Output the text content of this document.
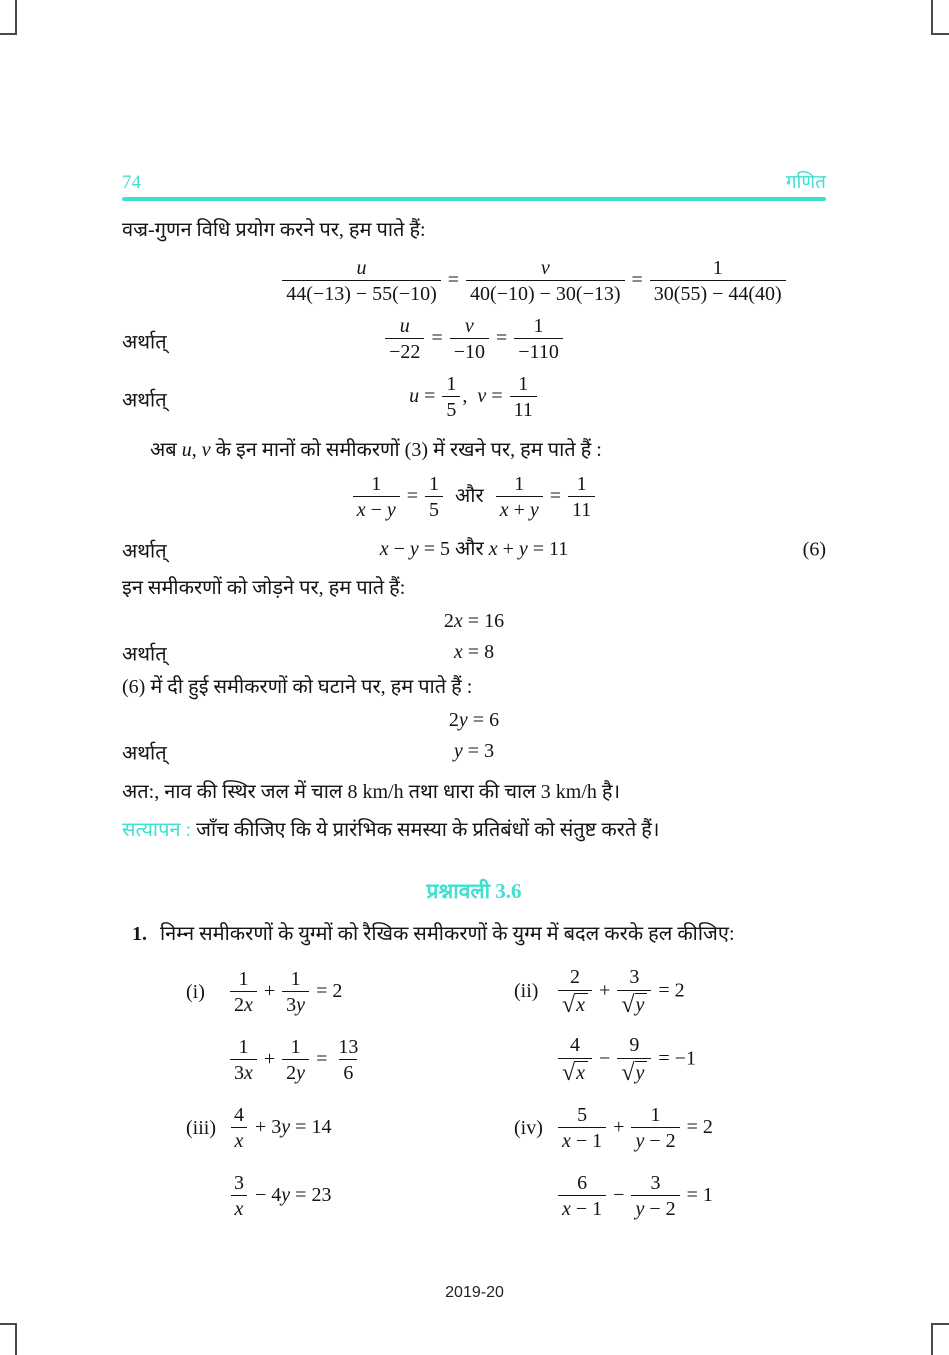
74	गणित

वज्र-गुणन विधि प्रयोग करने पर, हम पाते हैं:

$\frac{u}{44(-13) - 55(-10)} = \frac{v}{40(-10) - 30(-13)} = \frac{1}{30(55) - 44(40)}$
अर्थात्	$\frac{u}{-22} = \frac{v}{-10} = \frac{1}{-110}$
अर्थात्	$u = \frac{1}{5}$ ,  $v = \frac{1}{11}$

अब u, v के इन मानों को समीकरणों (3) में रखने पर, हम पाते हैं :

$\frac{1}{x - y} = \frac{1}{5}$ और $\frac{1}{x + y} = \frac{1}{11}$
अर्थात्	x − y = 5 और x + y = 11	(6)

इन समीकरणों को जोड़ने पर, हम पाते हैं:

2x = 16
अर्थात्	x = 8

(6) में दी हुई समीकरणों को घटाने पर, हम पाते हैं :

2y = 6
अर्थात्	y = 3

अत:, नाव की स्थिर जल में चाल 8 km/h तथा धारा की चाल 3 km/h है।

सत्यापन : जाँच कीजिए कि ये प्रारंभिक समस्या के प्रतिबंधों को संतुष्ट करते हैं।

प्रश्नावली 3.6
1. निम्न समीकरणों के युग्मों को रैखिक समीकरणों के युग्म में बदल करके हल कीजिए:
(i)	$\frac{1}{2x} + \frac{1}{3y} = 2$	$(ii) \frac{2}{√ x} + \frac{3}{√ y} = 2$
$\frac{1}{3x} + \frac{1}{2y} = \frac{13}{6}$	$\frac{4}{√ x} - \frac{9}{√ y} = -1$
$(iii) \frac{4}{x} + 3y = 14$	$(iv) \frac{5}{x - 1} + \frac{1}{y - 2} = 2$
$\frac{3}{x} - 4y = 23$	$\frac{6}{x - 1} - \frac{3}{y - 2} = 1$
2019-20
